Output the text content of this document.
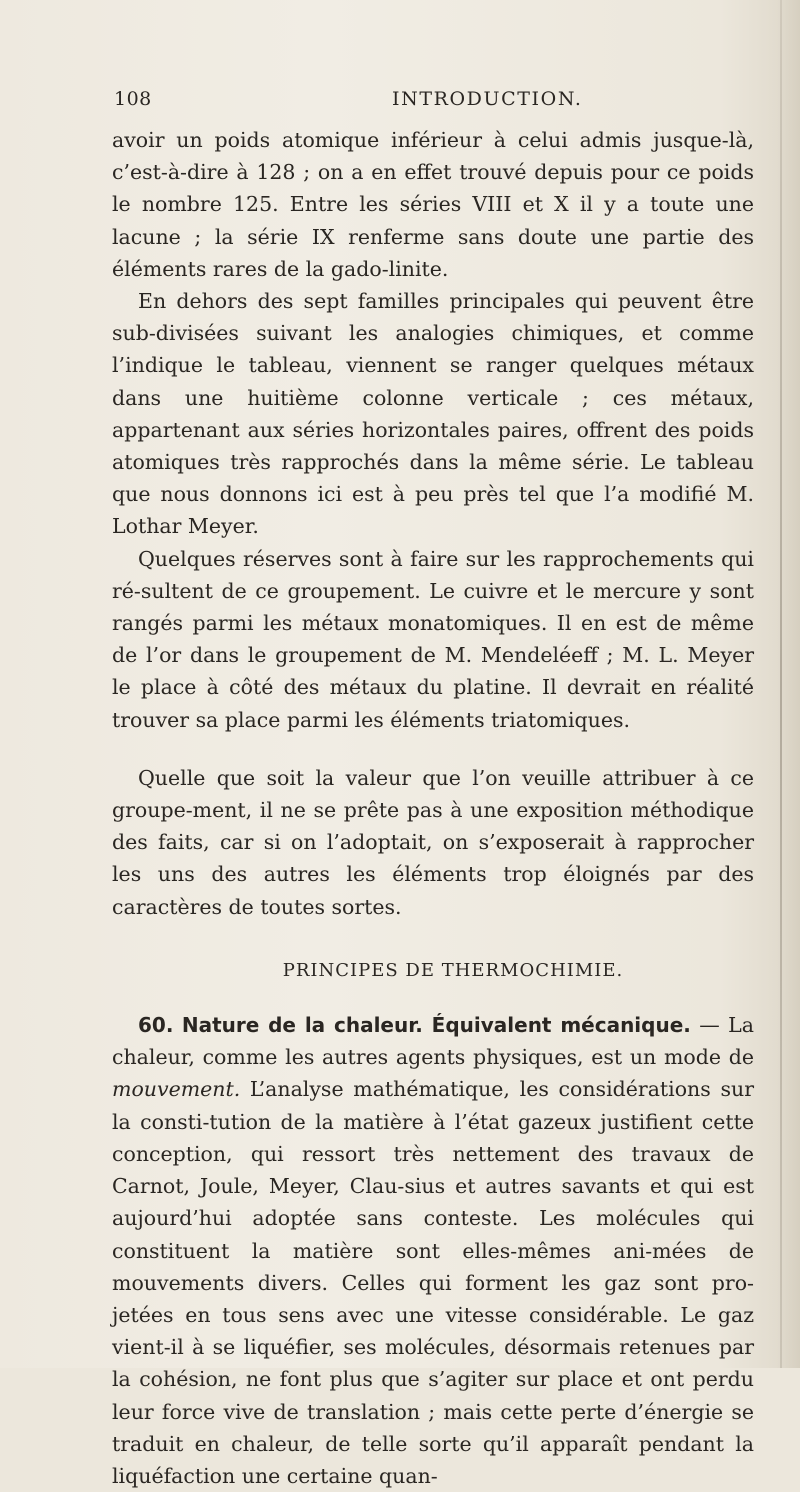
108	INTRODUCTION.

avoir un poids atomique inférieur à celui admis jusque-là, c’est-à-dire à 128 ; on a en effet trouvé depuis pour ce poids le nombre 125. Entre les séries VIII et X il y a toute une lacune ; la série IX renferme sans doute une partie des éléments rares de la gado-linite.

En dehors des sept familles principales qui peuvent être sub-divisées suivant les analogies chimiques, et comme l’indique le tableau, viennent se ranger quelques métaux dans une huitième colonne verticale ; ces métaux, appartenant aux séries horizontales paires, offrent des poids atomiques très rapprochés dans la même série. Le tableau que nous donnons ici est à peu près tel que l’a modifié M. Lothar Meyer.

Quelques réserves sont à faire sur les rapprochements qui ré-sultent de ce groupement. Le cuivre et le mercure y sont rangés parmi les métaux monatomiques. Il en est de même de l’or dans le groupement de M. Mendeléeff ; M. L. Meyer le place à côté des métaux du platine. Il devrait en réalité trouver sa place parmi les éléments triatomiques.

Quelle que soit la valeur que l’on veuille attribuer à ce groupe-ment, il ne se prête pas à une exposition méthodique des faits, car si on l’adoptait, on s’exposerait à rapprocher les uns des autres les éléments trop éloignés par des caractères de toutes sortes.

PRINCIPES DE THERMOCHIMIE.

60. Nature de la chaleur. Équivalent mécanique. — La chaleur, comme les autres agents physiques, est un mode de mouvement. L’analyse mathématique, les considérations sur la consti-tution de la matière à l’état gazeux justifient cette conception, qui ressort très nettement des travaux de Carnot, Joule, Meyer, Clau-sius et autres savants et qui est aujourd’hui adoptée sans conteste. Les molécules qui constituent la matière sont elles-mêmes ani-mées de mouvements divers. Celles qui forment les gaz sont pro-jetées en tous sens avec une vitesse considérable. Le gaz vient-il à se liquéfier, ses molécules, désormais retenues par la cohésion, ne font plus que s’agiter sur place et ont perdu leur force vive de translation ; mais cette perte d’énergie se traduit en chaleur, de telle sorte qu’il apparaît pendant la liquéfaction une certaine quan-
